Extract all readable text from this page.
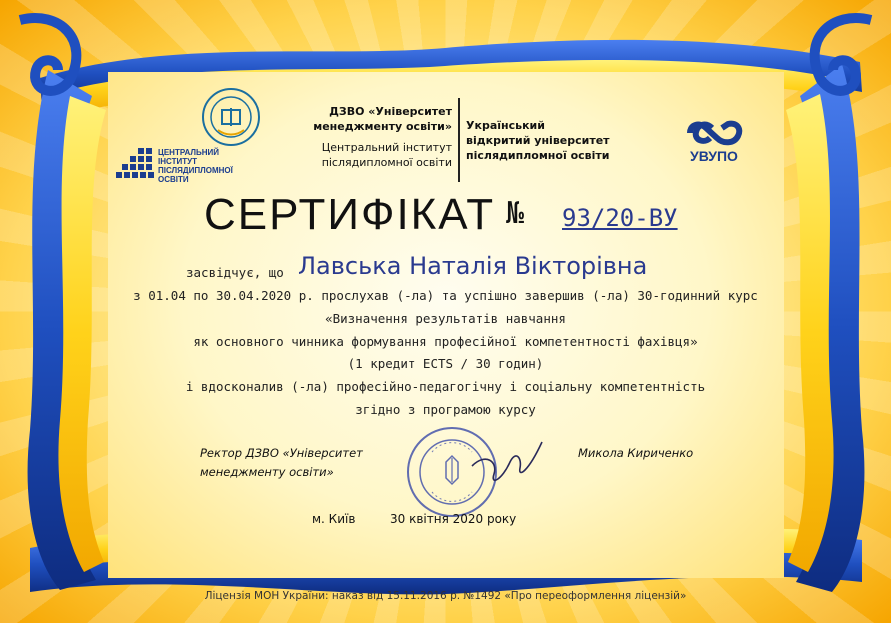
ЦЕНТРАЛЬНИЙ
ІНСТИТУТ
ПІСЛЯДИПЛОМНОЇ
ОСВІТИ
ДЗВО «Університет
менеджменту освіти»
Центральний інститут
післядипломної освіти
Український
відкритий університет
післядипломної освіти	УВУПО
СЕРТИФІКАТ № 93/20-ВУ
засвідчує, що Лавська Наталія Вікторівна
з 01.04 по 30.04.2020 р. прослухав (-ла) та успішно завершив (-ла) 30-годинний курс
«Визначення результатів навчання
як основного чинника формування професійної компетентності фахівця»
(1 кредит ECTS / 30 годин)
і вдосконалив (-ла) професійно-педагогічну і соціальну компетентність
згідно з програмою курсу
Ректор ДЗВО «Університет
менеджменту освіти»
Микола Кириченко
м. Київ	30 квітня 2020 року
Ліцензія МОН України: наказ від 15.11.2016 р. №1492 «Про переоформлення ліцензій»
